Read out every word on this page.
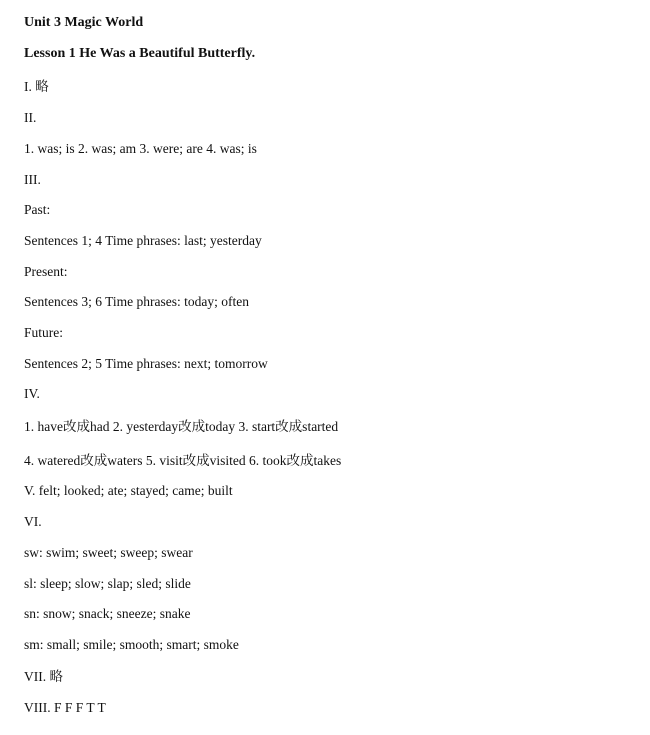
Unit 3 Magic World
Lesson 1 He Was a Beautiful Butterfly.
I. 略
II.
1. was; is 2. was; am 3. were; are 4. was; is
III.
Past:
Sentences 1; 4 Time phrases: last; yesterday
Present:
Sentences 3; 6 Time phrases: today; often
Future:
Sentences 2; 5 Time phrases: next; tomorrow
IV.
1. have改成had 2. yesterday改成today 3. start改成started
4. watered改成waters 5. visit改成visited 6. took改成takes
V. felt; looked; ate; stayed; came; built
VI.
sw: swim; sweet; sweep; swear
sl: sleep; slow; slap; sled; slide
sn: snow; snack; sneeze; snake
sm: small; smile; smooth; smart; smoke
VII. 略
VIII. F F F T T
